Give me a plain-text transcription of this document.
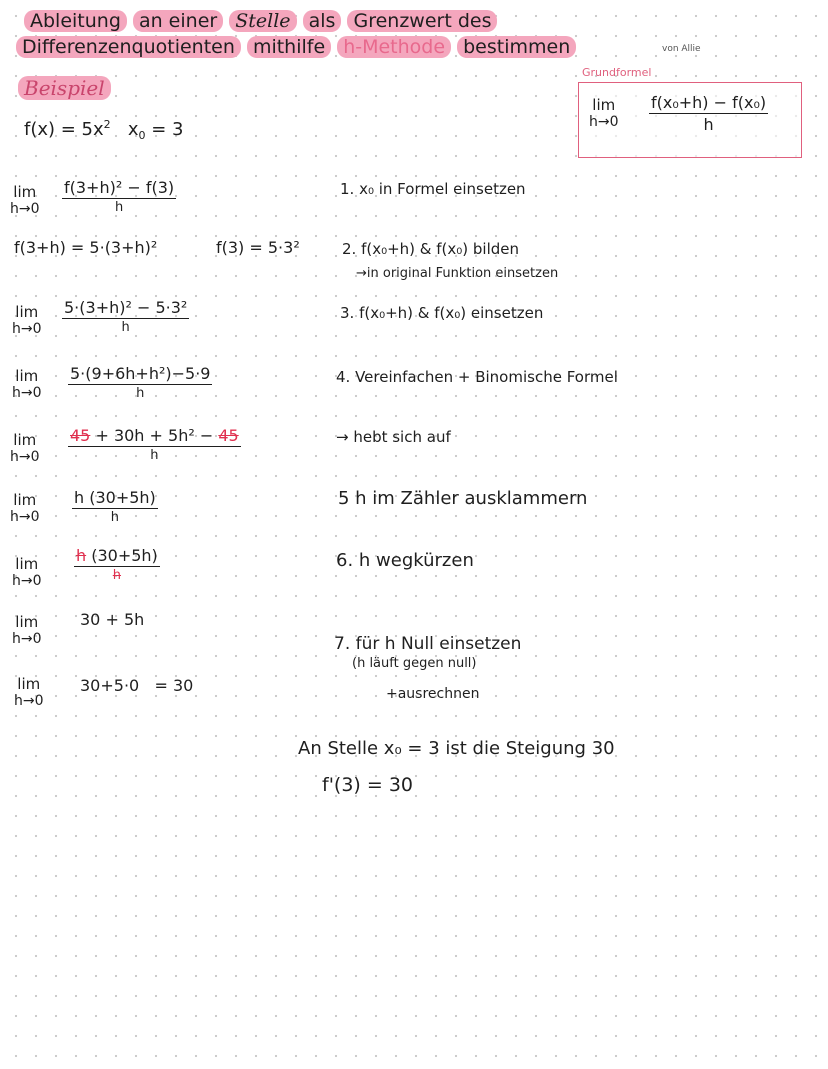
Ableitung an einer Stelle als Grenzwert des
Differenzenquotienten mithilfe h-Methode bestimmen	von Allie
Beispiel
$f(x) = 5x^2$ $x_0 = 3$
Grundformel
lim
$h\to 0 \frac{\text{f(x₀+h) − f(x₀)}}{h}$
lim
$h\to 0 \frac{\text{f(3+h)² − f(3)}}{h}$
f(3+h) = 5·(3+h)²	f(3) = 5·3²
lim
$h\to 0 \frac{\text{5·(3+h)² − 5·3²}}{h}$
lim
$h\to 0 \frac{\text{5·(9+6h+h²)−5·9}}{h}$
lim
$h\to 0 \frac{\text{45 + 30h + 5h² − 45}}{h}$
lim
$h\to 0 \frac{h (30+5h)}{h}$
lim
$h\to 0 \frac{h (30+5h)}{h}$
lim
h→0
30 + 5h
lim
h→0
30+5·0 = 30
1. x₀ in Formel einsetzen
2. f(x₀+h) & f(x₀) bilden
→in original Funktion einsetzen
3. f(x₀+h) & f(x₀) einsetzen
4. Vereinfachen + Binomische Formel
→ hebt sich auf
5 h im Zähler ausklammern
6. h wegkürzen
7. für h Null einsetzen
(h läuft gegen null)
+ausrechnen
An Stelle x₀ = 3 ist die Steigung 30
f'(3) = 30
